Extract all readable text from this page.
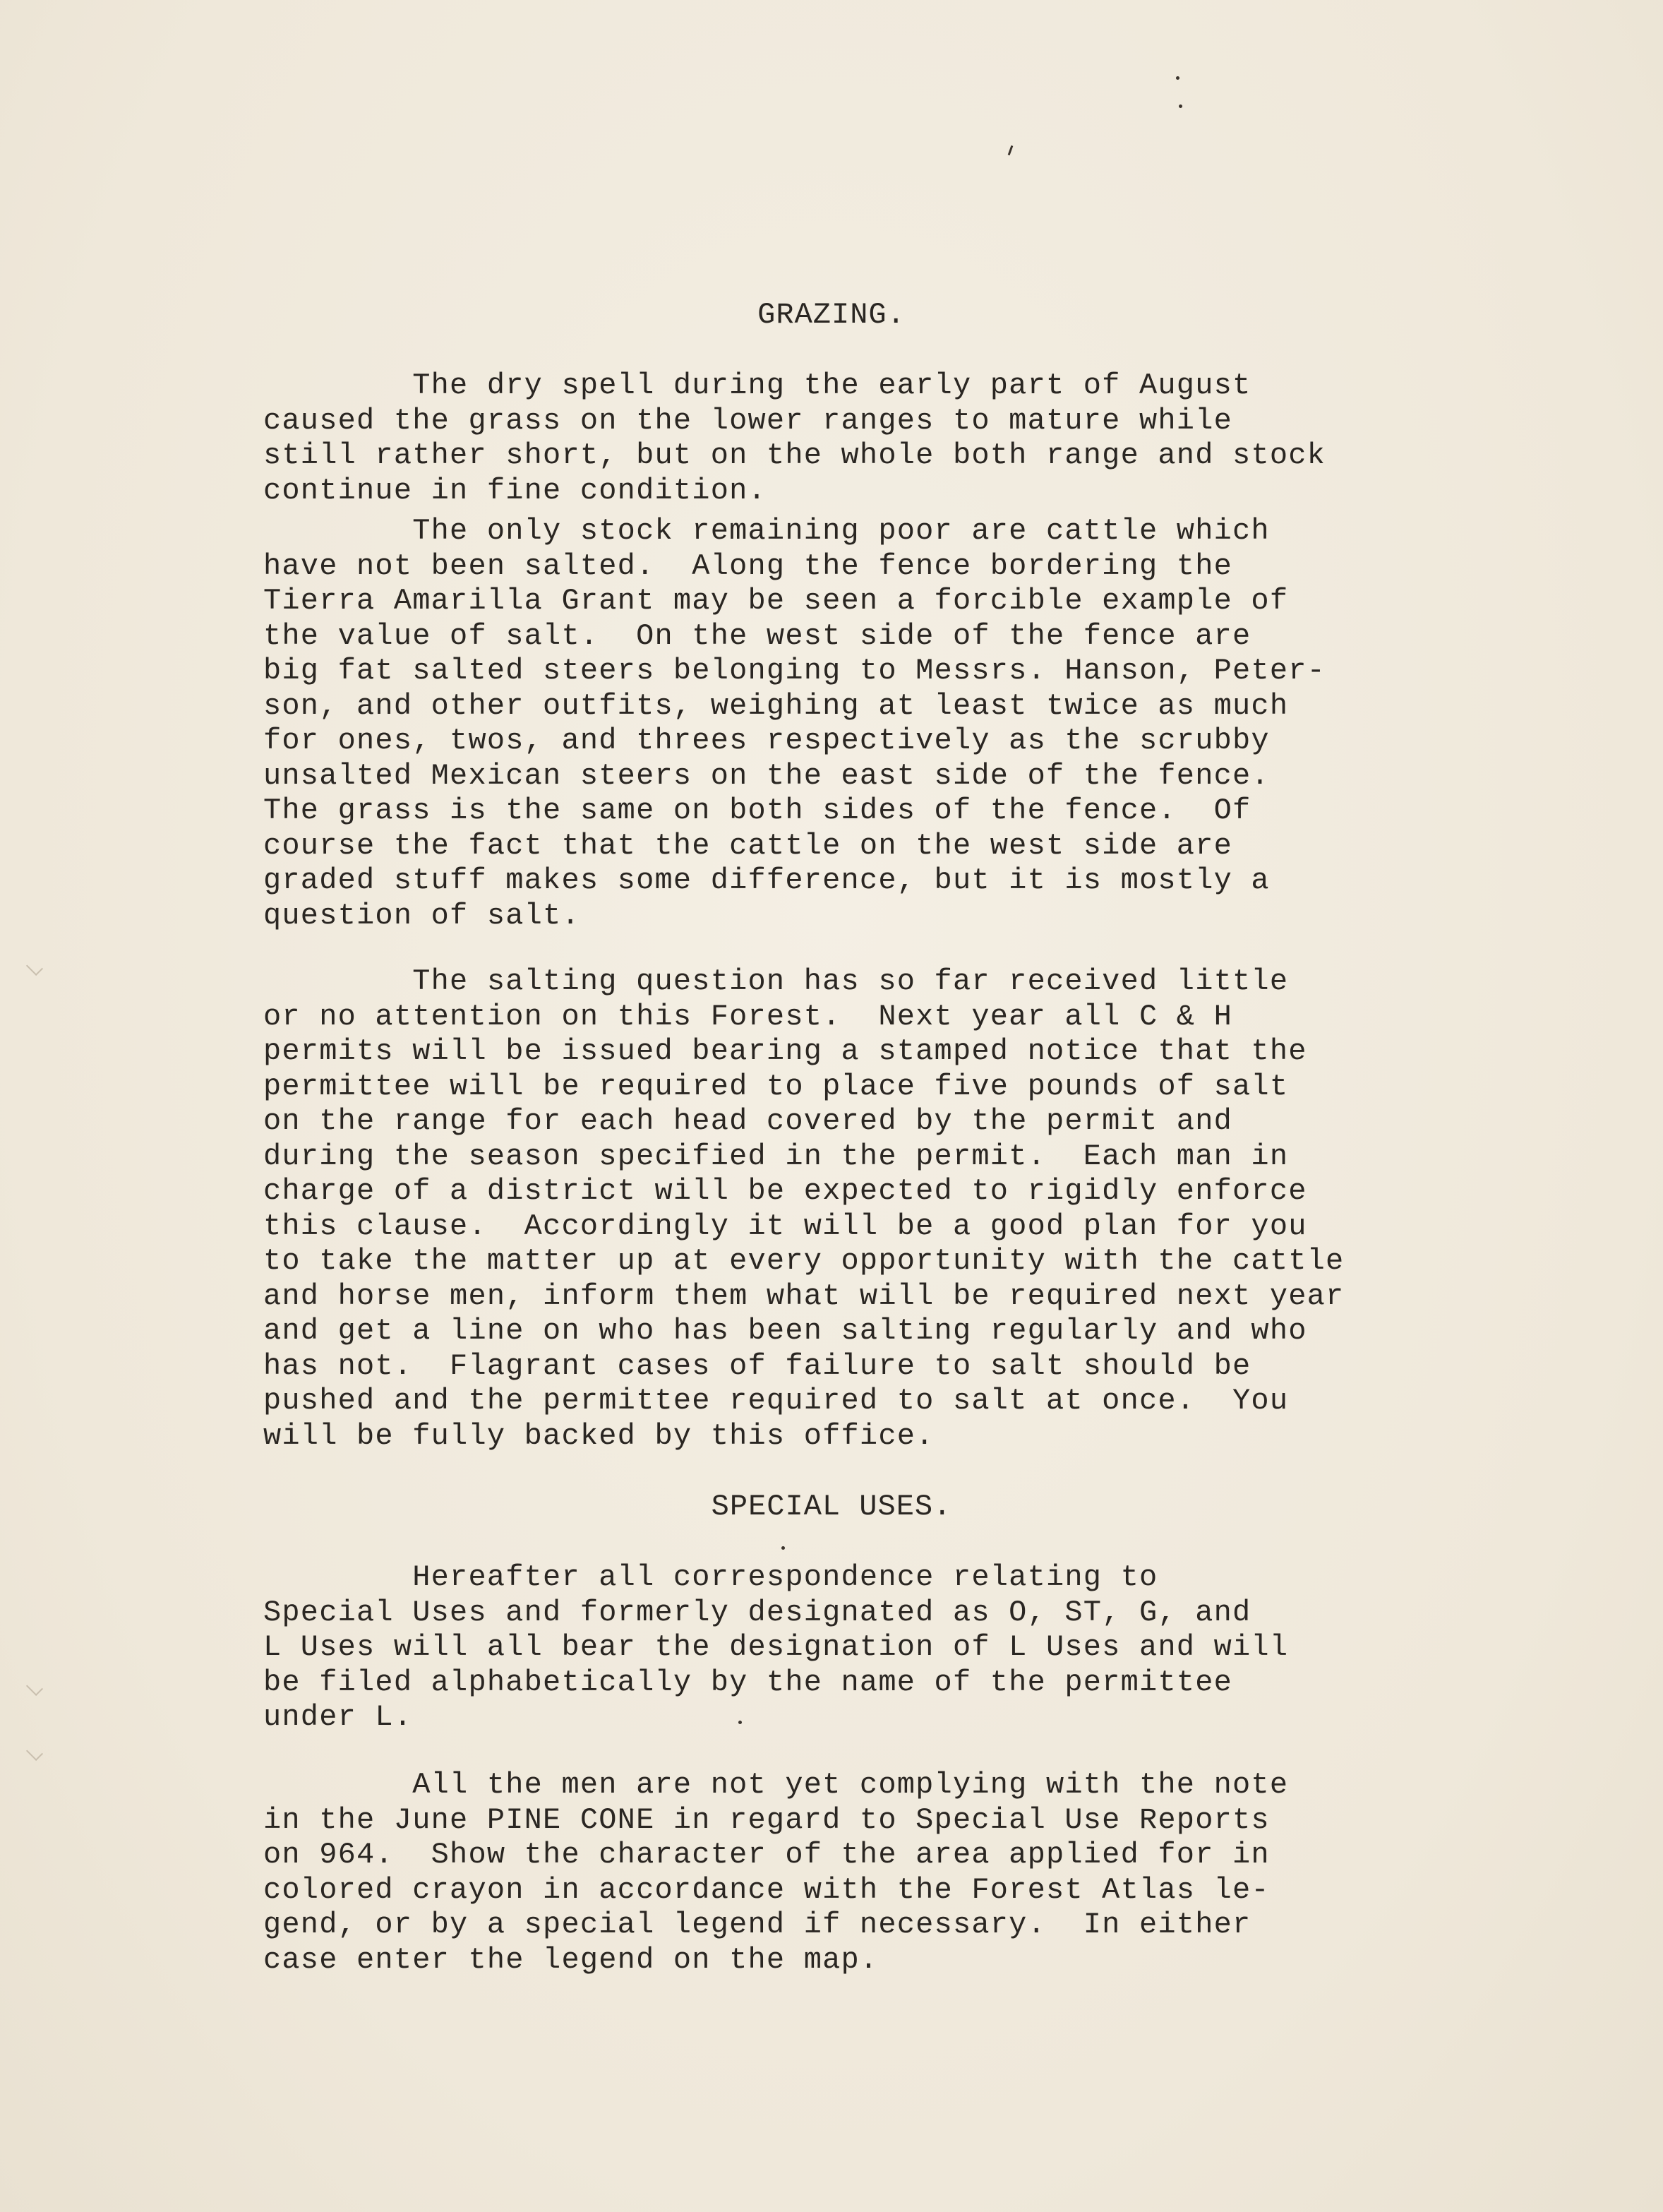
GRAZING.

The dry spell during the early part of August
caused the grass on the lower ranges to mature while
still rather short, but on the whole both range and stock
continue in fine condition.

The only stock remaining poor are cattle which
have not been salted.  Along the fence bordering the
Tierra Amarilla Grant may be seen a forcible example of
the value of salt.  On the west side of the fence are
big fat salted steers belonging to Messrs. Hanson, Peter-
son, and other outfits, weighing at least twice as much
for ones, twos, and threes respectively as the scrubby
unsalted Mexican steers on the east side of the fence.
The grass is the same on both sides of the fence.  Of
course the fact that the cattle on the west side are
graded stuff makes some difference, but it is mostly a
question of salt.

The salting question has so far received little
or no attention on this Forest.  Next year all C & H
permits will be issued bearing a stamped notice that the
permittee will be required to place five pounds of salt
on the range for each head covered by the permit and
during the season specified in the permit.  Each man in
charge of a district will be expected to rigidly enforce
this clause.  Accordingly it will be a good plan for you
to take the matter up at every opportunity with the cattle
and horse men, inform them what will be required next year
and get a line on who has been salting regularly and who
has not.  Flagrant cases of failure to salt should be
pushed and the permittee required to salt at once.  You
will be fully backed by this office.

SPECIAL USES.

Hereafter all correspondence relating to
Special Uses and formerly designated as O, ST, G, and
L Uses will all bear the designation of L Uses and will
be filed alphabetically by the name of the permittee
under L.

All the men are not yet complying with the note
in the June PINE CONE in regard to Special Use Reports
on 964.  Show the character of the area applied for in
colored crayon in accordance with the Forest Atlas le-
gend, or by a special legend if necessary.  In either
case enter the legend on the map.
